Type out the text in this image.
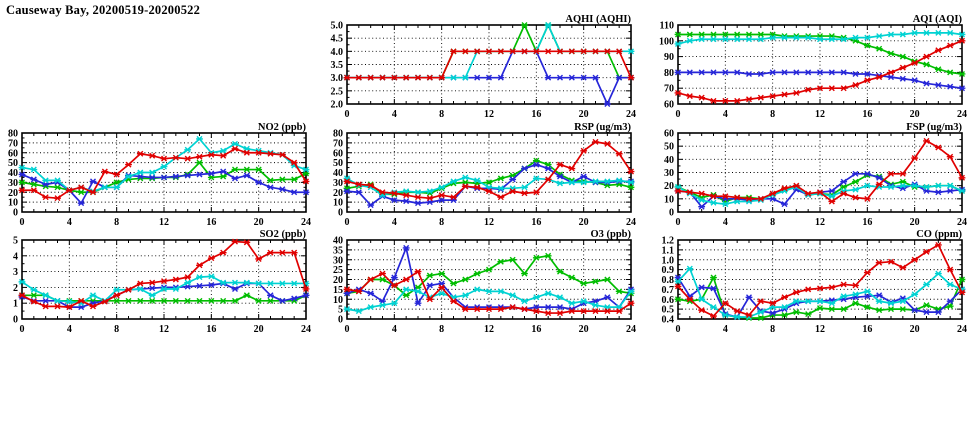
Causeway Bay, 20200519-20200522
0	4	8	12	16	20	24
2.0
2.5
3.0
3.5
4.0
4.5
5.0
AQHI (AQHI)
0	4	8	12	16	20	24
60
70
80
90
100
110
AQI (AQI)
0	4	8	12	16	20	24
0
10
20
30
40
50
60
70
80
NO2 (ppb)
0	4	8	12	16	20	24
0
10
20
30
40
50
60
70
80
RSP (ug/m3)
0	4	8	12	16	20	24
0
10
20
30
40
50
60
FSP (ug/m3)
0	4	8	12	16	20	24
0
1
2
3
4
5
SO2 (ppb)
0	4	8	12	16	20	24
0
5
10
15
20
25
30
35
40
O3 (ppb)
0	4	8	12	16	20	24
0.4
0.5
0.6
0.7
0.8
0.9
1.0
1.1
1.2
CO (ppm)
